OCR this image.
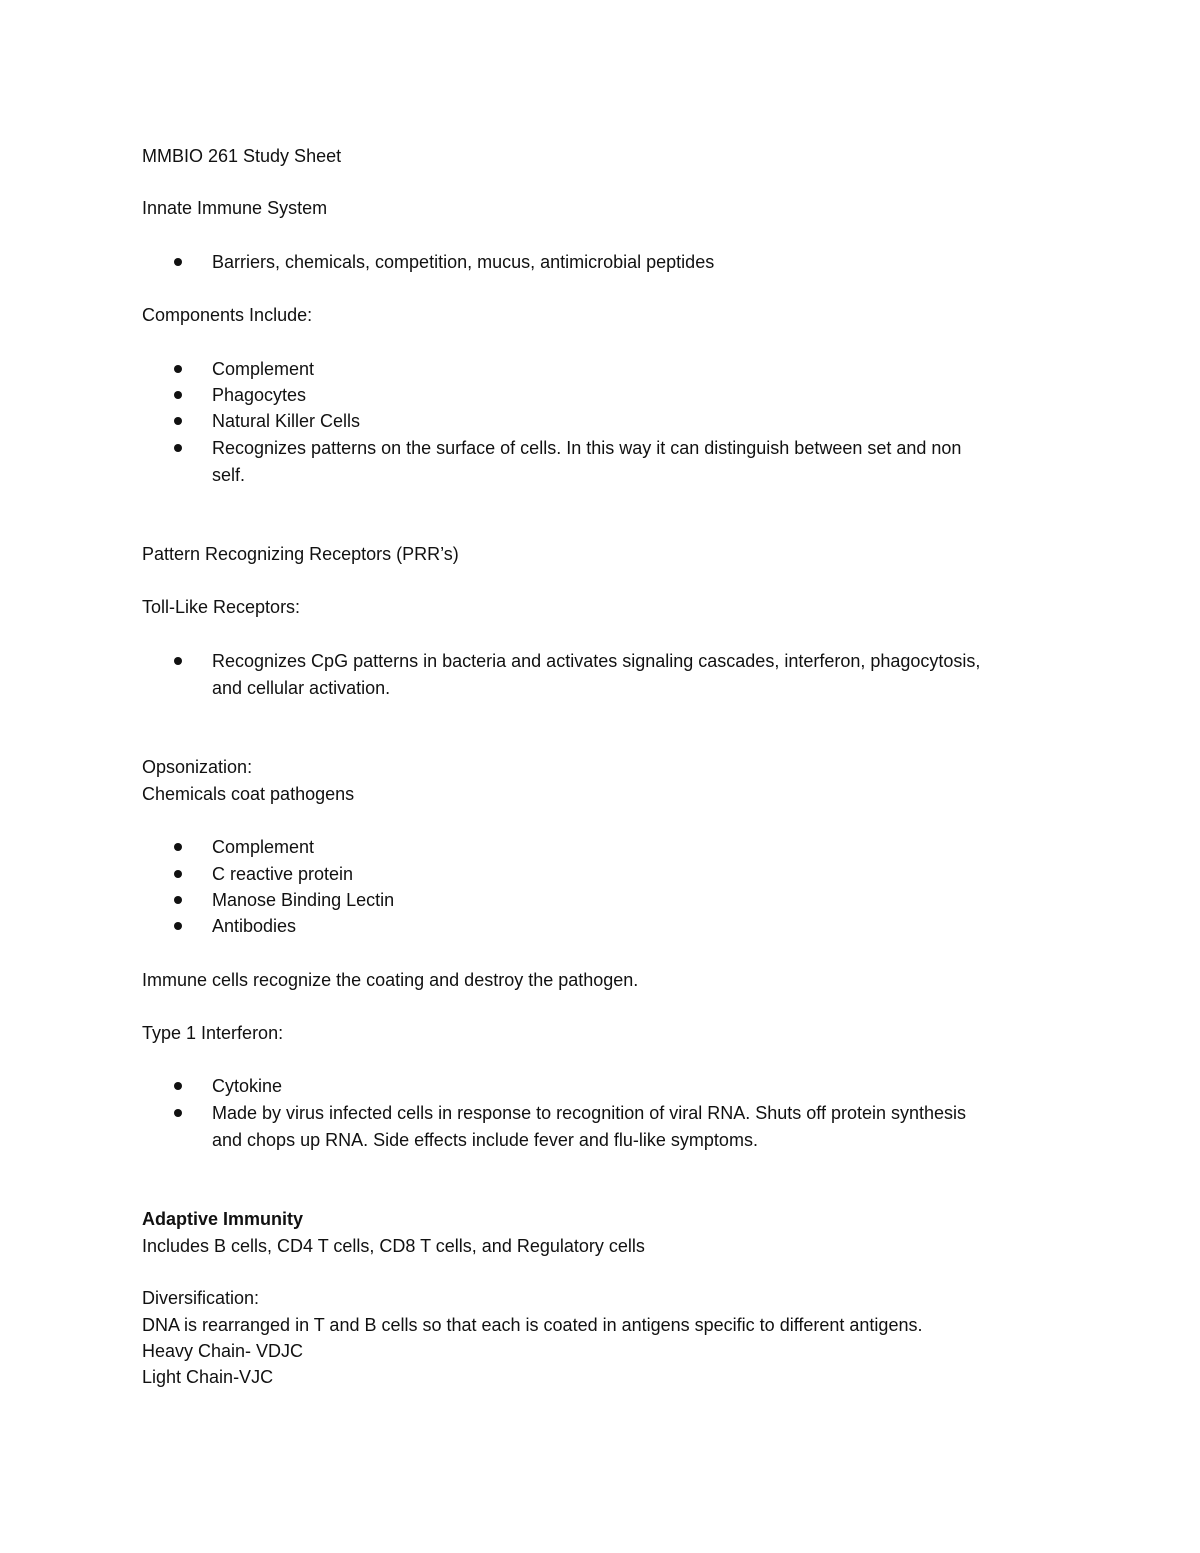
MMBIO 261 Study Sheet
Innate Immune System
Barriers, chemicals, competition, mucus, antimicrobial peptides
Components Include:
Complement
Phagocytes
Natural Killer Cells
Recognizes patterns on the surface of cells. In this way it can distinguish between set and non
self.
Pattern Recognizing Receptors (PRR’s)
Toll-Like Receptors:
Recognizes CpG patterns in bacteria and activates signaling cascades, interferon, phagocytosis,
and cellular activation.
Opsonization:
Chemicals coat pathogens
Complement
C reactive protein
Manose Binding Lectin
Antibodies
Immune cells recognize the coating and destroy the pathogen.
Type 1 Interferon:
Cytokine
Made by virus infected cells in response to recognition of viral RNA. Shuts off protein synthesis
and chops up RNA. Side effects include fever and flu-like symptoms.
Adaptive Immunity
Includes B cells, CD4 T cells, CD8 T cells, and Regulatory cells
Diversification:
DNA is rearranged in T and B cells so that each is coated in antigens specific to different antigens.
Heavy Chain- VDJC
Light Chain-VJC
